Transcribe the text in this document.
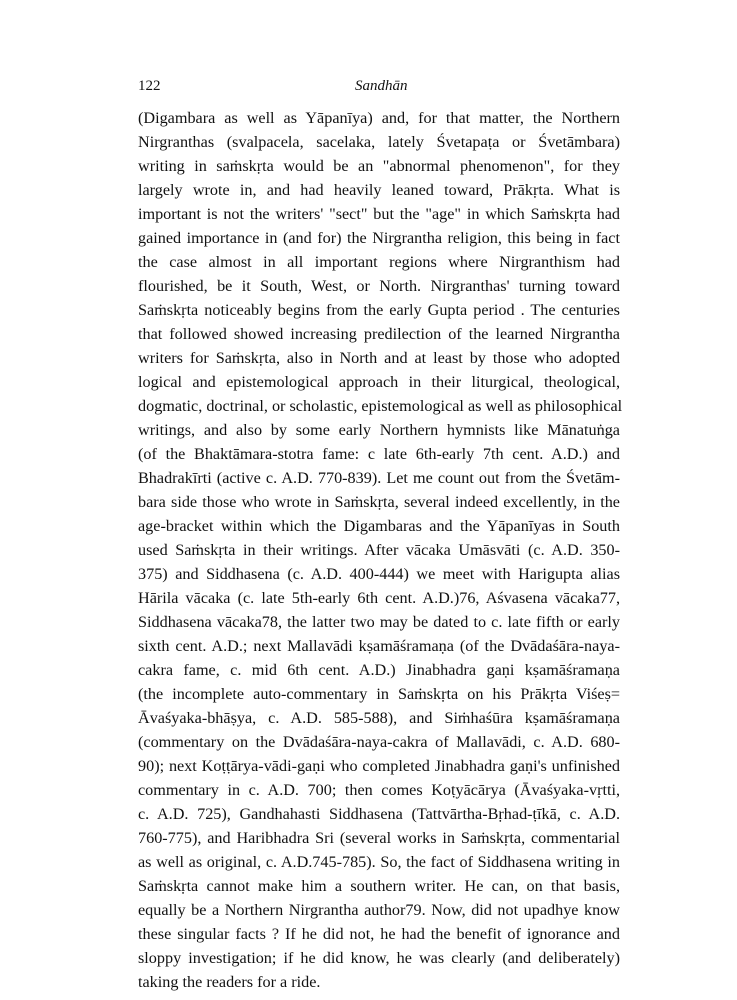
122	Sandhān
(Digambara as well as Yāpanīya) and, for that matter, the Northern
Nirgranthas (svalpacela, sacelaka, lately Śvetapaṭa or Śvetāmbara)
writing in saṁskṛta would be an "abnormal phenomenon", for they
largely wrote in, and had heavily leaned toward, Prākṛta. What is
important is not the writers' "sect" but the "age" in which Saṁskṛta had
gained importance in (and for) the Nirgrantha religion, this being in fact
the case almost in all important regions where Nirgranthism had
flourished, be it South, West, or North. Nirgranthas' turning toward
Saṁskṛta noticeably begins from the early Gupta period . The centuries
that followed showed increasing predilection of the learned Nirgrantha
writers for Saṁskṛta, also in North and at least by those who adopted
logical and epistemological approach in their liturgical, theological,
dogmatic, doctrinal, or scholastic, epistemological as well as philosophical
writings, and also by some early Northern hymnists like Mānatuṅga
(of the Bhaktāmara-stotra fame: c late 6th-early 7th cent. A.D.) and
Bhadrakīrti (active c. A.D. 770-839). Let me count out from the Śvetām-
bara side those who wrote in Saṁskṛta, several indeed excellently, in the
age-bracket within which the Digambaras and the Yāpanīyas in South
used Saṁskṛta in their writings. After vācaka Umāsvāti (c. A.D. 350-
375) and Siddhasena (c. A.D. 400-444) we meet with Harigupta alias
Hārila vācaka (c. late 5th-early 6th cent. A.D.)76, Aśvasena vācaka77,
Siddhasena vācaka78, the latter two may be dated to c. late fifth or early
sixth cent. A.D.; next Mallavādi kṣamāśramaṇa (of the Dvādaśāra-naya-
cakra fame, c. mid 6th cent. A.D.) Jinabhadra gaṇi kṣamāśramaṇa
(the incomplete auto-commentary in Saṁskṛta on his Prākṛta Viśeṣ=
Āvaśyaka-bhāṣya, c. A.D. 585-588), and Siṁhaśūra kṣamāśramaṇa
(commentary on the Dvādaśāra-naya-cakra of Mallavādi, c. A.D. 680-
90); next Koṭṭārya-vādi-gaṇi who completed Jinabhadra gaṇi's unfinished
commentary in c. A.D. 700; then comes Koṭyācārya (Āvaśyaka-vṛtti,
c. A.D. 725), Gandhahasti Siddhasena (Tattvārtha-Bṛhad-ṭīkā, c. A.D.
760-775), and Haribhadra Sri (several works in Saṁskṛta, commentarial
as well as original, c. A.D.745-785). So, the fact of Siddhasena writing in
Saṁskṛta cannot make him a southern writer. He can, on that basis,
equally be a Northern Nirgrantha author79. Now, did not upadhye know
these singular facts ? If he did not, he had the benefit of ignorance and
sloppy investigation; if he did know, he was clearly (and deliberately)
taking the readers for a ride.
